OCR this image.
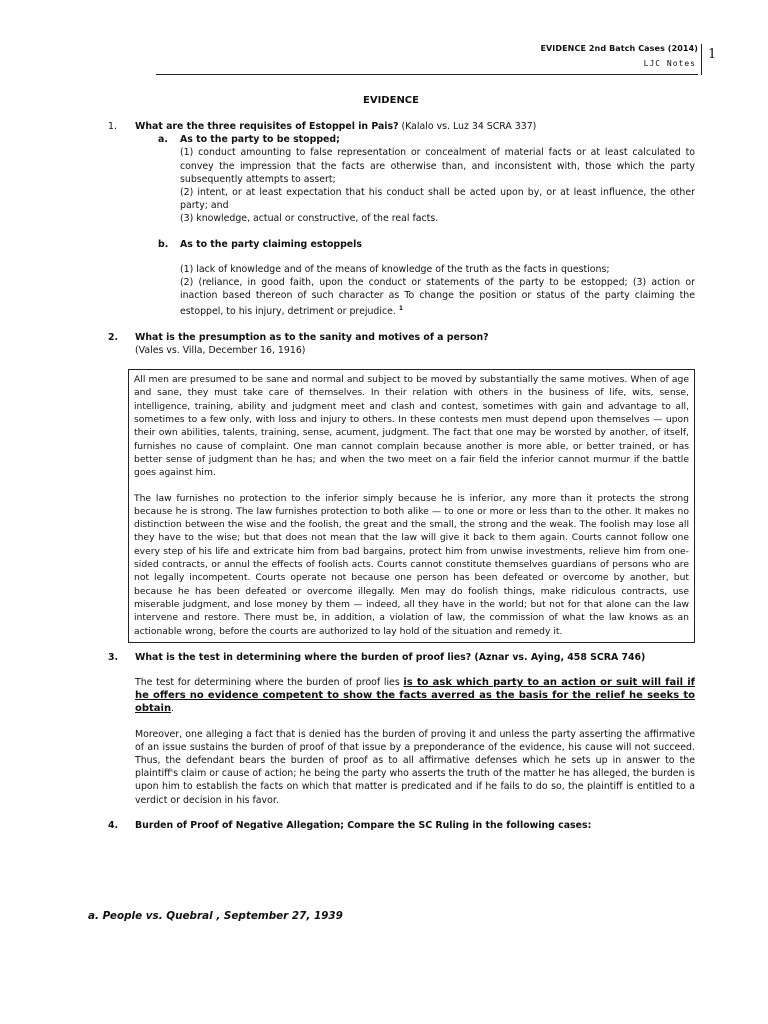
EVIDENCE 2nd Batch Cases (2014)
LJC Notes
1
EVIDENCE
1.	What are the three requisites of Estoppel in Pais? (Kalalo vs. Luz 34 SCRA 337)
a.	As to the party to be stopped;
(1) conduct amounting to false representation or concealment of material facts or at least calculated to convey the impression that the facts are otherwise than, and inconsistent with, those which the party subsequently attempts to assert;
(2) intent, or at least expectation that his conduct shall be acted upon by, or at least influence, the other party; and
(3) knowledge, actual or constructive, of the real facts.
b.	As to the party claiming estoppels
(1) lack of knowledge and of the means of knowledge of the truth as the facts in questions;
(2) (reliance, in good faith, upon the conduct or statements of the party to be estopped; (3) action or inaction based thereon of such character as To change the position or status of the party claiming the estoppel, to his injury, detriment or prejudice. $^1$
2.	What is the presumption as to the sanity and motives of a person?
(Vales vs. Villa, December 16, 1916)
All men are presumed to be sane and normal and subject to be moved by substantially the same motives. When of age and sane, they must take care of themselves. In their relation with others in the business of life, wits, sense, intelligence, training, ability and judgment meet and clash and contest, sometimes with gain and advantage to all, sometimes to a few only, with loss and injury to others. In these contests men must depend upon themselves — upon their own abilities, talents, training, sense, acument, judgment. The fact that one may be worsted by another, of itself, furnishes no cause of complaint. One man cannot complain because another is more able, or better trained, or has better sense of judgment than he has; and when the two meet on a fair field the inferior cannot murmur if the battle goes against him.
The law furnishes no protection to the inferior simply because he is inferior, any more than it protects the strong because he is strong. The law furnishes protection to both alike — to one or more or less than to the other. It makes no distinction between the wise and the foolish, the great and the small, the strong and the weak. The foolish may lose all they have to the wise; but that does not mean that the law will give it back to them again. Courts cannot follow one every step of his life and extricate him from bad bargains, protect him from unwise investments, relieve him from one-sided contracts, or annul the effects of foolish acts. Courts cannot constitute themselves guardians of persons who are not legally incompetent. Courts operate not because one person has been defeated or overcome by another, but because he has been defeated or overcome illegally. Men may do foolish things, make ridiculous contracts, use miserable judgment, and lose money by them — indeed, all they have in the world; but not for that alone can the law intervene and restore. There must be, in addition, a violation of law, the commission of what the law knows as an actionable wrong, before the courts are authorized to lay hold of the situation and remedy it.
3.	What is the test in determining where the burden of proof lies? (Aznar vs. Aying, 458 SCRA 746)
The test for determining where the burden of proof lies is to ask which party to an action or suit will fail if he offers no evidence competent to show the facts averred as the basis for the relief he seeks to obtain.
Moreover, one alleging a fact that is denied has the burden of proving it and unless the party asserting the affirmative of an issue sustains the burden of proof of that issue by a preponderance of the evidence, his cause will not succeed. Thus, the defendant bears the burden of proof as to all affirmative defenses which he sets up in answer to the plaintiff's claim or cause of action; he being the party who asserts the truth of the matter he has alleged, the burden is upon him to establish the facts on which that matter is predicated and if he fails to do so, the plaintiff is entitled to a verdict or decision in his favor.
4.	Burden of Proof of Negative Allegation; Compare the SC Ruling in the following cases:
a. People vs. Quebral , September 27, 1939
